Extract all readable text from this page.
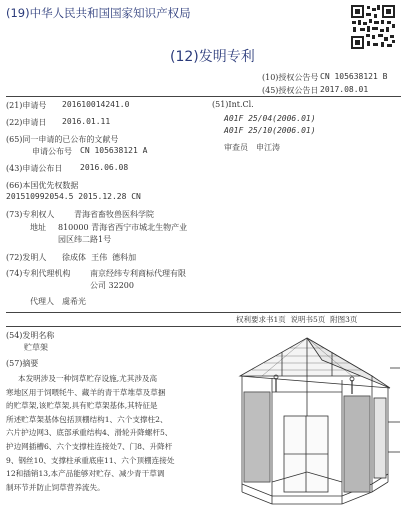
(19)中华人民共和国国家知识产权局
(12)发明专利
(10)授权公告号 CN 105638121 B
(45)授权公告日 2017.08.01
(21)申请号 201610014241.0
(22)申请日 2016.01.11
(65)同一申请的已公布的文献号
申请公布号 CN 105638121 A
(43)申请公布日 2016.06.08
(66)本国优先权数据
201510992054.5 2015.12.28 CN
(73)专利权人 青海省畜牧兽医科学院
地址 810000 青海省西宁市城北生物产业
园区纬二路1号
(72)发明人 徐成体  王伟  德科加
(74)专利代理机构 南京经纬专利商标代理有限
公司 32200
代理人 虞希光
(51)Int.Cl.
A01F 25/04(2006.01)
A01F 25/10(2006.01)
审查员 申江涛
权利要求书1页  说明书5页  附图3页
(54)发明名称
贮草架
(57)摘要
本发明涉及一种饲草贮存设施,尤其涉及高
寒地区用于饲喂牦牛、藏羊的青干草堆草及草捆
的贮草架,该贮草架,具有贮草架基体,其特征是
所述贮草架基体包括顶棚结构1、六个支撑柱2、
六片护边网3、底部承重结构4、滑轮升降螺杆5、
护边网插槽6、六个支撑柱连接处7、门8、升降杆
9、钢丝10、支撑柱承重底座11、六个顶棚连接处
12和插销13,本产品能够对贮存、减少青干草调
制环节并防止饲草营养流失。
